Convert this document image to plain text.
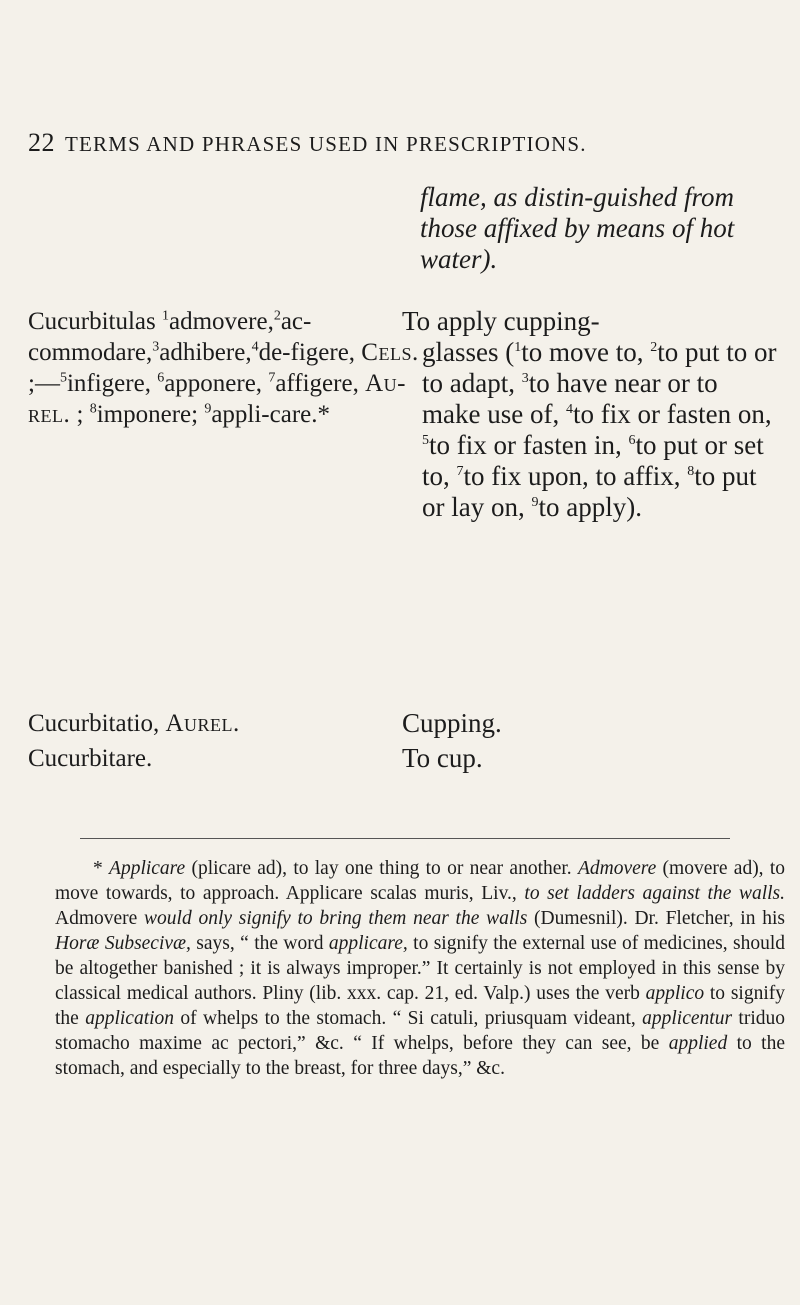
22 TERMS AND PHRASES USED IN PRESCRIPTIONS.
flame, as distin-guished from those affixed by means of hot water).
Cucurbitulas $^1$admovere,$^2$ac-commodare,$^3$adhibere,$^4$de-figere, Cels. ;—$^5$infigere, $^6$apponere, $^7$affigere, Au-rel. ; $^8$imponere; $^9$appli-care.*
To apply cupping-
glasses ($^1$to move to, $^2$to put to or to adapt, $^3$to have near or to make use of, $^4$to fix or fasten on, $^5$to fix or fasten in, $^6$to put or set to, $^7$to fix upon, to affix, $^8$to put or lay on, $^9$to apply).
Cucurbitatio, Aurel.	Cupping.
Cucurbitare.	To cup.
* Applicare (plicare ad), to lay one thing to or near another. Admovere (movere ad), to move towards, to approach. Applicare scalas muris, Liv., to set ladders against the walls. Admovere would only signify to bring them near the walls (Dumesnil). Dr. Fletcher, in his Horæ Subsecivæ, says, “ the word applicare, to signify the external use of medicines, should be altogether banished ; it is always improper.” It certainly is not employed in this sense by classical medical authors. Pliny (lib. xxx. cap. 21, ed. Valp.) uses the verb applico to signify the application of whelps to the stomach. “ Si catuli, priusquam videant, applicentur triduo stomacho maxime ac pectori,” &c. “ If whelps, before they can see, be applied to the stomach, and especially to the breast, for three days,” &c.
